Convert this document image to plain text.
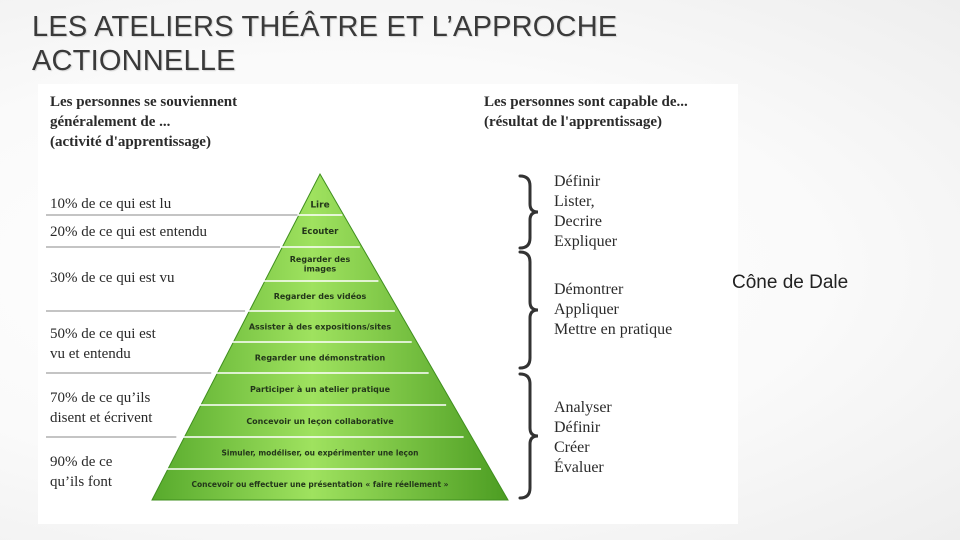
LES ATELIERS THÉÂTRE ET L’APPROCHE ACTIONNELLE
Les personnes se souviennent
généralement de ...
(activité d'apprentissage)
Les personnes sont capable de...
(résultat de l'apprentissage)
Lire
Ecouter
Regarder des images
Regarder des vidéos
Assister à des expositions/sites
Regarder une démonstration
Participer à un atelier pratique
Concevoir un leçon collaborative
Simuler, modéliser, ou expérimenter une leçon
Concevoir ou effectuer une présentation « faire réellement »
10% de ce qui est lu
20% de ce qui est entendu
30% de ce qui est vu
50% de ce qui est
vu et entendu
70% de ce qu’ils
disent et écrivent
90% de ce
qu’ils font
Définir
Lister,
Decrire
Expliquer
Démontrer
Appliquer
Mettre en pratique
Analyser
Définir
Créer
Évaluer
Cône de Dale
